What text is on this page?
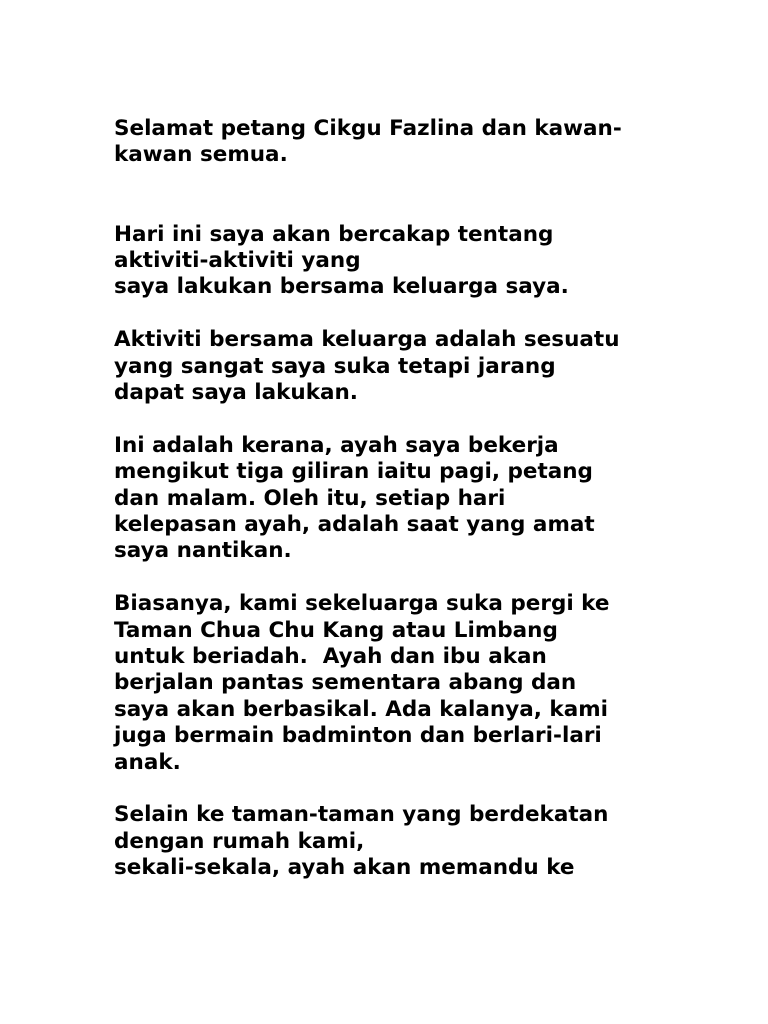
Selamat petang Cikgu Fazlina dan kawan-
kawan semua.
Hari ini saya akan bercakap tentang
aktiviti-aktiviti yang
saya lakukan bersama keluarga saya.
Aktiviti bersama keluarga adalah sesuatu
yang sangat saya suka tetapi jarang
dapat saya lakukan.
Ini adalah kerana, ayah saya bekerja
mengikut tiga giliran iaitu pagi, petang
dan malam. Oleh itu, setiap hari
kelepasan ayah, adalah saat yang amat
saya nantikan.
Biasanya, kami sekeluarga suka pergi ke
Taman Chua Chu Kang atau Limbang
untuk beriadah.  Ayah dan ibu akan
berjalan pantas sementara abang dan
saya akan berbasikal. Ada kalanya, kami
juga bermain badminton dan berlari-lari
anak.
Selain ke taman-taman yang berdekatan
dengan rumah kami,
sekali-sekala, ayah akan memandu ke
